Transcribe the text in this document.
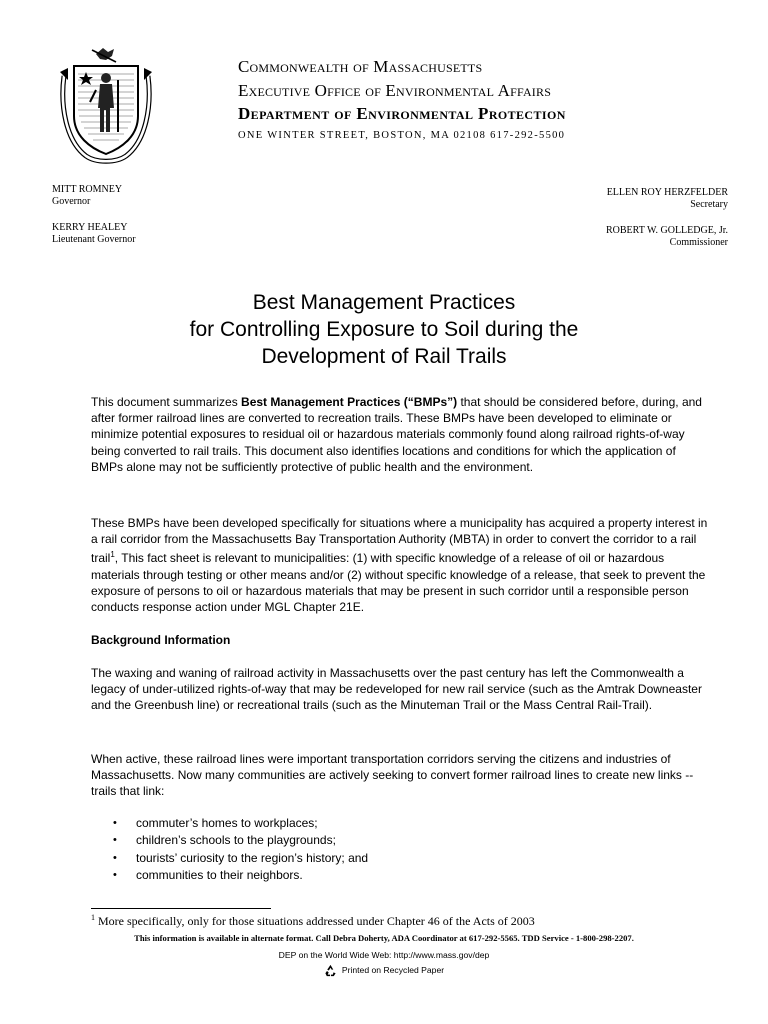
Commonwealth of Massachusetts
Executive Office of Environmental Affairs
Department of Environmental Protection
ONE WINTER STREET, BOSTON, MA 02108 617-292-5500
MITT ROMNEY
Governor
KERRY HEALEY
Lieutenant Governor
ELLEN ROY HERZFELDER
Secretary
ROBERT W. GOLLEDGE, Jr.
Commissioner
Best Management Practices
for Controlling Exposure to Soil during the
Development of Rail Trails

This document summarizes Best Management Practices (“BMPs”) that should be considered before, during, and after former railroad lines are converted to recreation trails. These BMPs have been developed to eliminate or minimize potential exposures to residual oil or hazardous materials commonly found along railroad rights-of-way being converted to rail trails. This document also identifies locations and conditions for which the application of BMPs alone may not be sufficiently protective of public health and the environment.

These BMPs have been developed specifically for situations where a municipality has acquired a property interest in a rail corridor from the Massachusetts Bay Transportation Authority (MBTA) in order to convert the corridor to a rail trail$^1$, This fact sheet is relevant to municipalities: (1) with specific knowledge of a release of oil or hazardous materials through testing or other means and/or (2) without specific knowledge of a release, that seek to prevent the exposure of persons to oil or hazardous materials that may be present in such corridor until a responsible person conducts response action under MGL Chapter 21E.

Background Information
The waxing and waning of railroad activity in Massachusetts over the past century has left the Commonwealth a legacy of under-utilized rights-of-way that may be redeveloped for new rail service (such as the Amtrak Downeaster and the Greenbush line) or recreational trails (such as the Minuteman Trail or the Mass Central Rail-Trail).
When active, these railroad lines were important transportation corridors serving the citizens and industries of Massachusetts. Now many communities are actively seeking to convert former railroad lines to create new links -- trails that link:
• commuter’s homes to workplaces;
• children’s schools to the playgrounds;
• tourists’ curiosity to the region’s history; and
• communities to their neighbors.
$^1$ More specifically, only for those situations addressed under Chapter 46 of the Acts of 2003
This information is available in alternate format. Call Debra Doherty, ADA Coordinator at 617-292-5565. TDD Service - 1-800-298-2207.
DEP on the World Wide Web: http://www.mass.gov/dep
Printed on Recycled Paper
